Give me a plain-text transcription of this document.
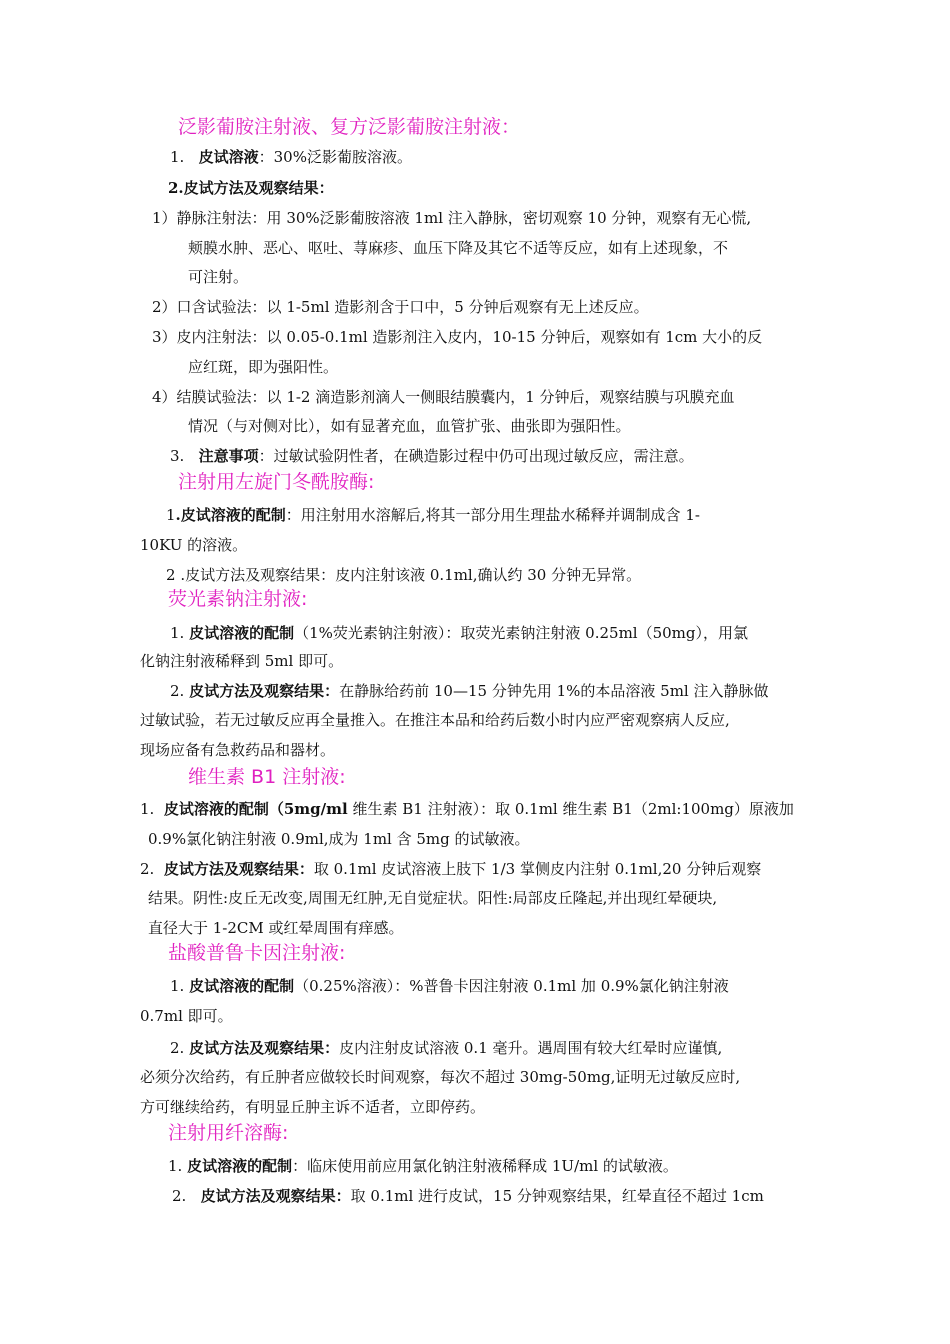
泛影葡胺注射液、复方泛影葡胺注射液：
1. 皮试溶液：30%泛影葡胺溶液。
2.皮试方法及观察结果：
1）静脉注射法：用 30%泛影葡胺溶液 1ml 注入静脉，密切观察 10 分钟，观察有无心慌,
颊膜水肿、恶心、呕吐、荨麻疹、血压下降及其它不适等反应，如有上述现象，不
可注射。
2）口含试验法：以 1-5ml 造影剂含于口中，5 分钟后观察有无上述反应。
3）皮内注射法：以 0.05-0.1ml 造影剂注入皮内，10-15 分钟后，观察如有 1cm 大小的反
应红斑，即为强阳性。
4）结膜试验法：以 1-2 滴造影剂滴人一侧眼结膜囊内，1 分钟后，观察结膜与巩膜充血
情况（与对侧对比），如有显著充血，血管扩张、曲张即为强阳性。
3. 注意事项：过敏试验阴性者，在碘造影过程中仍可出现过敏反应，需注意。
注射用左旋门冬酰胺酶:
1.皮试溶液的配制：用注射用水溶解后,将其一部分用生理盐水稀释并调制成含 1-
10KU 的溶液。
2 .皮试方法及观察结果：皮内注射该液 0.1ml,确认约 30 分钟无异常。
荧光素钠注射液:
1. 皮试溶液的配制（1%荧光素钠注射液）：取荧光素钠注射液 0.25ml（50mg），用氯
化钠注射液稀释到 5ml 即可。
2. 皮试方法及观察结果：在静脉给药前 10—15 分钟先用 1%的本品溶液 5ml 注入静脉做
过敏试验，若无过敏反应再全量推入。在推注本品和给药后数小时内应严密观察病人反应,
现场应备有急救药品和器材。
维生素 B1 注射液:
1. 皮试溶液的配制（5mg/ml 维生素 B1 注射液）：取 0.1ml 维生素 B1（2ml:100mg）原液加
0.9%氯化钠注射液 0.9ml,成为 1ml 含 5mg 的试敏液。
2. 皮试方法及观察结果：取 0.1ml 皮试溶液上肢下 1/3 掌侧皮内注射 0.1ml,20 分钟后观察
结果。阴性:皮丘无改变,周围无红肿,无自觉症状。阳性:局部皮丘隆起,并出现红晕硬块,
直径大于 1-2CM 或红晕周围有痒感。
盐酸普鲁卡因注射液:
1. 皮试溶液的配制（0.25%溶液）：%普鲁卡因注射液 0.1ml 加 0.9%氯化钠注射液
0.7ml 即可。
2. 皮试方法及观察结果：皮内注射皮试溶液 0.1 毫升。遇周围有较大红晕时应谨慎,
必须分次给药，有丘肿者应做较长时间观察，每次不超过 30mg-50mg,证明无过敏反应时,
方可继续给药，有明显丘肿主诉不适者，立即停药。
注射用纤溶酶:
1. 皮试溶液的配制：临床使用前应用氯化钠注射液稀释成 1U/ml 的试敏液。
2. 皮试方法及观察结果：取 0.1ml 进行皮试，15 分钟观察结果，红晕直径不超过 1cm
